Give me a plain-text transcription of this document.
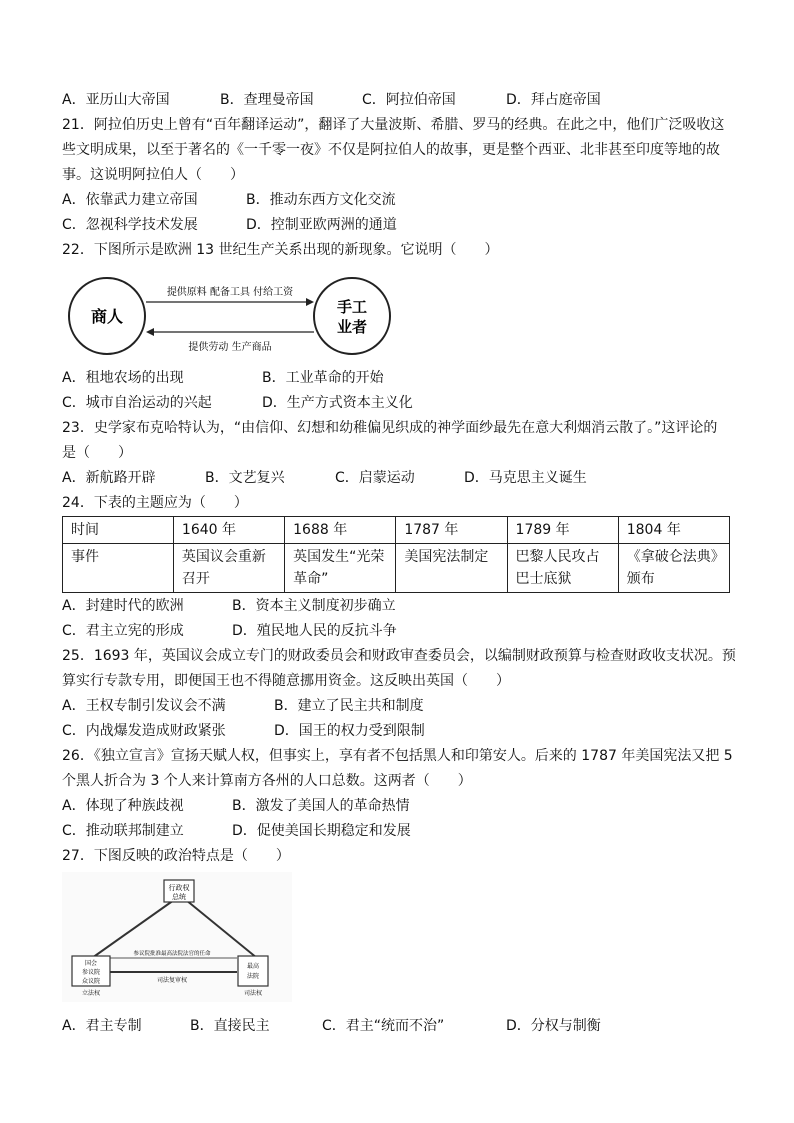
A．亚历山大帝国	B．查理曼帝国	C．阿拉伯帝国	D．拜占庭帝国
21．阿拉伯历史上曾有“百年翻译运动”，翻译了大量波斯、希腊、罗马的经典。在此之中，他们广泛吸收这
些文明成果，以至于著名的《一千零一夜》不仅是阿拉伯人的故事，更是整个西亚、北非甚至印度等地的故
事。这说明阿拉伯人（　　）
A．依靠武力建立帝国	B．推动东西方文化交流
C．忽视科学技术发展	D．控制亚欧两洲的通道
22．下图所示是欧洲 13 世纪生产关系出现的新现象。它说明（　　）
商人	手工
业者
提供原料 配备工具 付给工资
提供劳动 生产商品
A．租地农场的出现	B．工业革命的开始
C．城市自治运动的兴起	D．生产方式资本主义化
23．史学家布克哈特认为，“由信仰、幻想和幼稚偏见织成的神学面纱最先在意大利烟消云散了。”这评论的
是（　　）
A．新航路开辟	B．文艺复兴	C．启蒙运动	D．马克思主义诞生
24．下表的主题应为（　　）
时间	1640 年	1688 年	1787 年	1789 年	1804 年
事件	英国议会重新召开	英国发生“光荣革命”	美国宪法制定	巴黎人民攻占巴士底狱	《拿破仑法典》颁布
A．封建时代的欧洲	B．资本主义制度初步确立
C．君主立宪的形成	D．殖民地人民的反抗斗争
25．1693 年，英国议会成立专门的财政委员会和财政审查委员会，以编制财政预算与检查财政收支状况。预
算实行专款专用，即便国王也不得随意挪用资金。这反映出英国（　　）
A．王权专制引发议会不满	B．建立了民主共和制度
C．内战爆发造成财政紧张	D．国王的权力受到限制
26．《独立宣言》宣扬天赋人权，但事实上，享有者不包括黑人和印第安人。后来的 1787 年美国宪法又把 5
个黑人折合为 3 个人来计算南方各州的人口总数。这两者（　　）
A．体现了种族歧视	B．激发了美国人的革命热情
C．推动联邦制建立	D．促使美国长期稳定和发展
27．下图反映的政治特点是（　　）
行政权
总统
国会
参议院
众议院
立法权
最高
法院
司法权
参议院批准最高法院法官的任命
司法复审权
A．君主专制	B．直接民主	C．君主“统而不治”	D．分权与制衡
